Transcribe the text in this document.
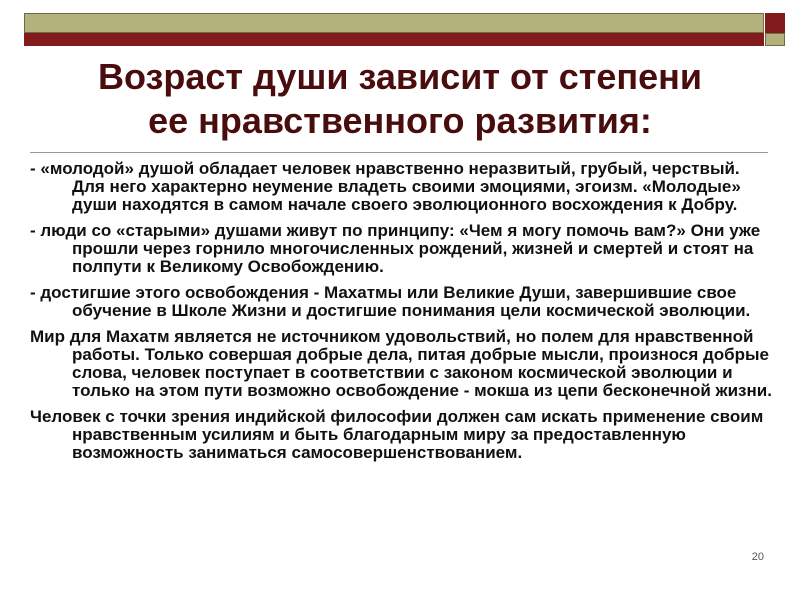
Возраст души зависит от степени
ее нравственного развития:

- «молодой» душой обладает человек нравственно неразвитый, грубый, черствый. Для него характерно неумение владеть своими эмоциями, эгоизм. «Молодые» души находятся в самом начале своего эволюционного восхождения к Добру.

- люди со «старыми» душами живут по принципу: «Чем я могу помочь вам?» Они уже прошли через горнило многочисленных рождений, жизней и смертей и стоят на полпути к Великому Освобождению.

- достигшие этого освобождения - Махатмы или Великие Души, завершившие свое обучение в Школе Жизни и достигшие понимания цели космической эволюции.

Мир для Махатм является не источником удовольствий, но полем для нравственной работы. Только совершая добрые дела, питая добрые мысли, произнося добрые слова, человек поступает в соответствии с законом космической эволюции и только на этом пути возможно освобождение - мокша из цепи бесконечной жизни.

Человек с точки зрения индийской философии должен сам искать применение своим нравственным усилиям и быть благодарным миру за предоставленную возможность заниматься самосовершенствованием.

20
